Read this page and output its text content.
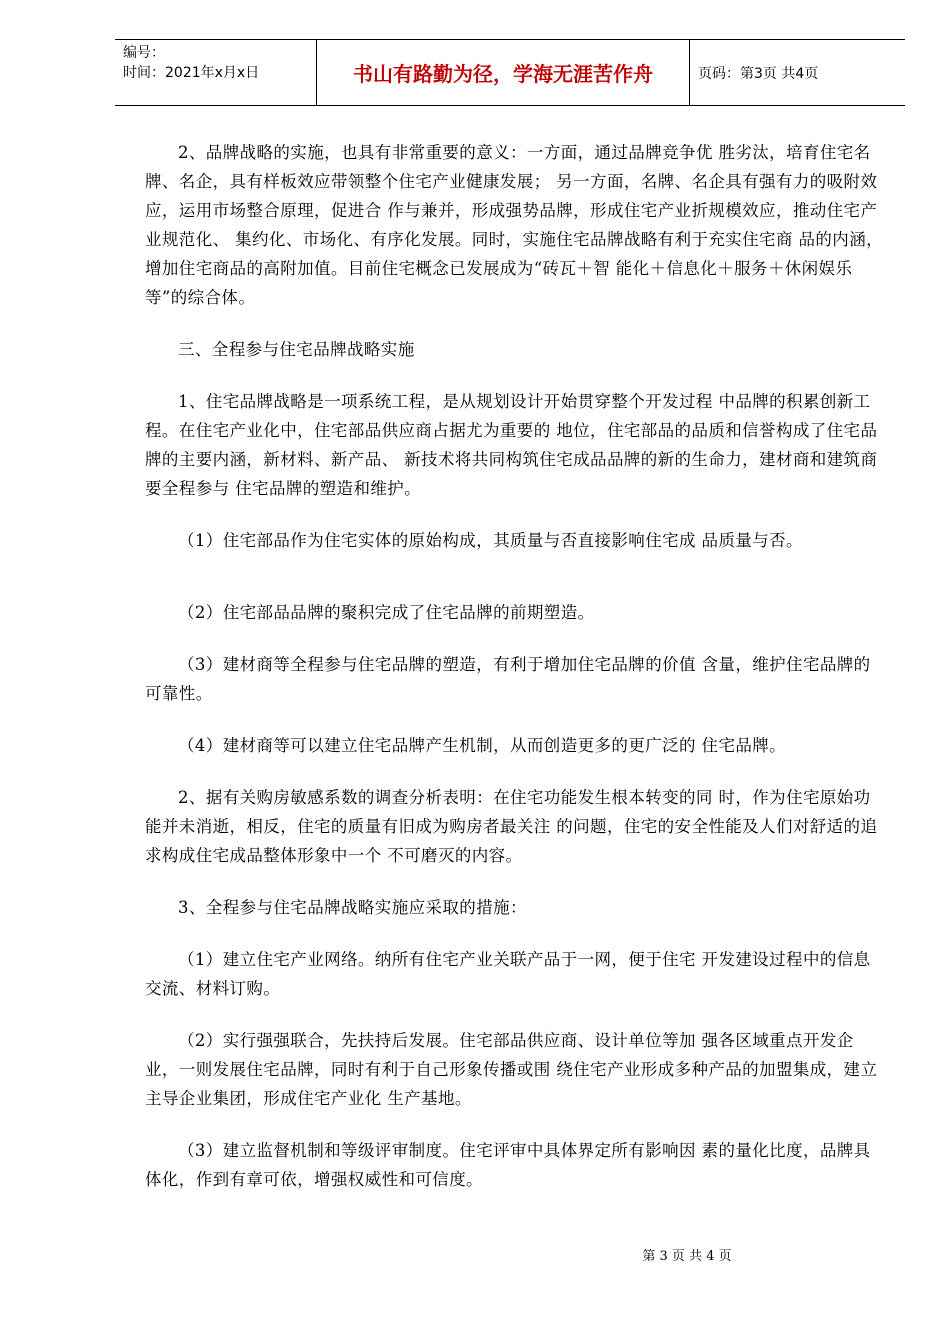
编号：
时间：2021年x月x日	书山有路勤为径，学海无涯苦作舟	页码：第3页 共4页

2、品牌战略的实施，也具有非常重要的意义：一方面，通过品牌竞争优 胜劣汰，培育住宅名牌、名企，具有样板效应带领整个住宅产业健康发展； 另一方面，名牌、名企具有强有力的吸附效应，运用市场整合原理，促进合 作与兼并，形成强势品牌，形成住宅产业折规模效应，推动住宅产业规范化、 集约化、市场化、有序化发展。同时，实施住宅品牌战略有利于充实住宅商 品的内涵，增加住宅商品的高附加值。目前住宅概念已发展成为“砖瓦＋智 能化＋信息化＋服务＋休闲娱乐等”的综合体。

三、全程参与住宅品牌战略实施

1、住宅品牌战略是一项系统工程，是从规划设计开始贯穿整个开发过程 中品牌的积累创新工程。在住宅产业化中，住宅部品供应商占据尤为重要的 地位，住宅部品的品质和信誉构成了住宅品牌的主要内涵，新材料、新产品、 新技术将共同构筑住宅成品品牌的新的生命力，建材商和建筑商要全程参与 住宅品牌的塑造和维护。

（1）住宅部品作为住宅实体的原始构成，其质量与否直接影响住宅成 品质量与否。

（2）住宅部品品牌的聚积完成了住宅品牌的前期塑造。

（3）建材商等全程参与住宅品牌的塑造，有利于增加住宅品牌的价值 含量，维护住宅品牌的可靠性。

（4）建材商等可以建立住宅品牌产生机制，从而创造更多的更广泛的 住宅品牌。

2、据有关购房敏感系数的调查分析表明：在住宅功能发生根本转变的同 时，作为住宅原始功能并未消逝，相反，住宅的质量有旧成为购房者最关注 的问题，住宅的安全性能及人们对舒适的追求构成住宅成品整体形象中一个 不可磨灭的内容。

3、全程参与住宅品牌战略实施应采取的措施：

（1）建立住宅产业网络。纳所有住宅产业关联产品于一网，便于住宅 开发建设过程中的信息交流、材料订购。

（2）实行强强联合，先扶持后发展。住宅部品供应商、设计单位等加 强各区域重点开发企业，一则发展住宅品牌，同时有利于自己形象传播或围 绕住宅产业形成多种产品的加盟集成，建立主导企业集团，形成住宅产业化 生产基地。

（3）建立监督机制和等级评审制度。住宅评审中具体界定所有影响因 素的量化比度，品牌具体化，作到有章可依，增强权威性和可信度。

第 3 页 共 4 页
